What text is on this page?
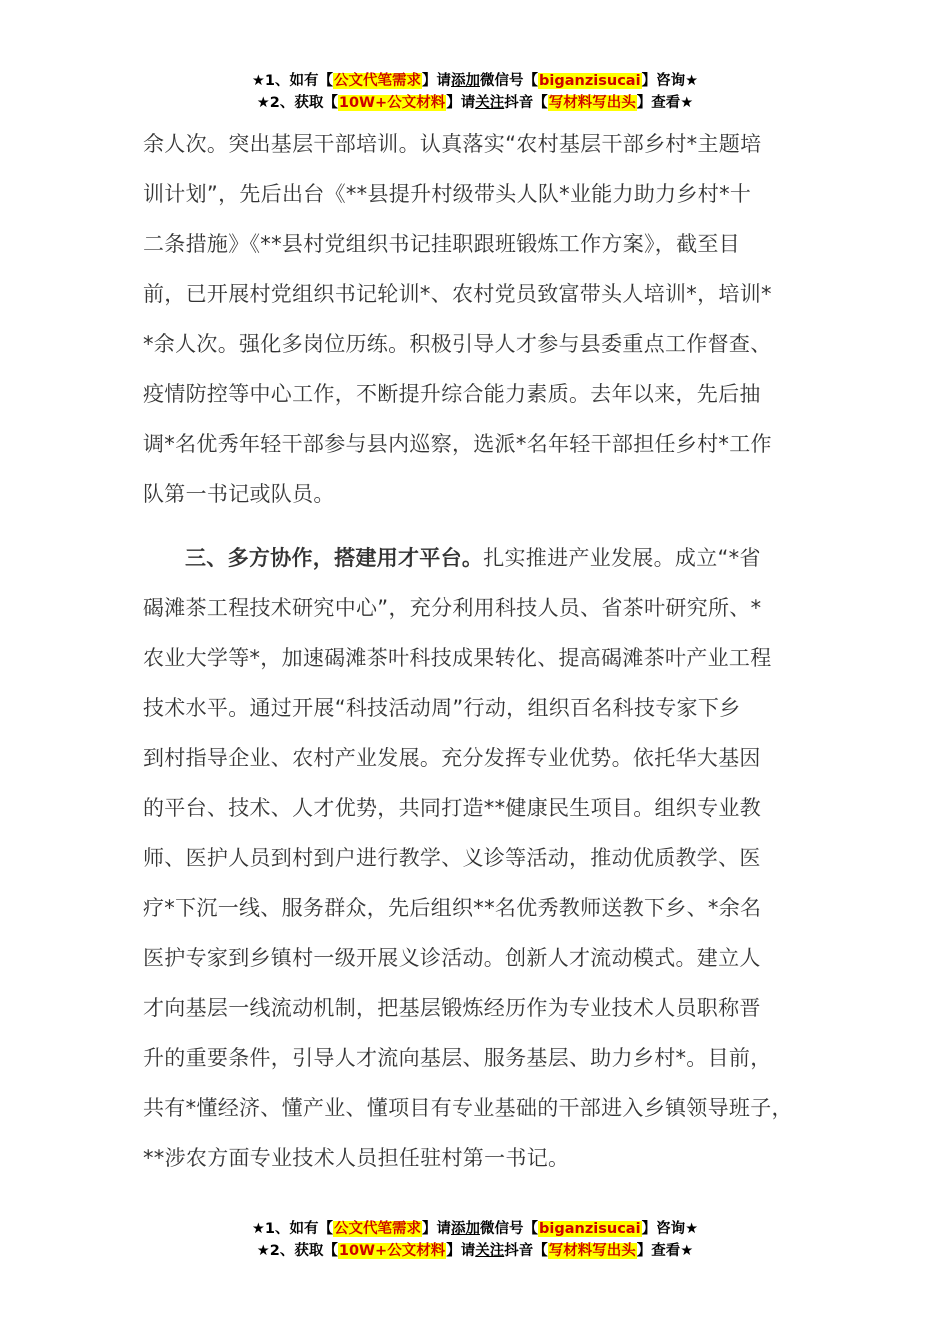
★1、如有【公文代笔需求】请添加微信号【biganzisucai】咨询★
★2、获取【10W+公文材料】请关注抖音【写材料写出头】查看★

余人次。突出基层干部培训。认真落实“农村基层干部乡村*主题培

训计划”，先后出台《**县提升村级带头人队*业能力助力乡村*十

二条措施》《**县村党组织书记挂职跟班锻炼工作方案》，截至目

前，已开展村党组织书记轮训*、农村党员致富带头人培训*，培训*

*余人次。强化多岗位历练。积极引导人才参与县委重点工作督查、

疫情防控等中心工作，不断提升综合能力素质。去年以来，先后抽

调*名优秀年轻干部参与县内巡察，选派*名年轻干部担任乡村*工作

队第一书记或队员。

三、多方协作，搭建用才平台。扎实推进产业发展。成立“*省

碣滩茶工程技术研究中心”，充分利用科技人员、省茶叶研究所、*

农业大学等*，加速碣滩茶叶科技成果转化、提高碣滩茶叶产业工程

技术水平。通过开展“科技活动周”行动，组织百名科技专家下乡

到村指导企业、农村产业发展。充分发挥专业优势。依托华大基因

的平台、技术、人才优势，共同打造**健康民生项目。组织专业教

师、医护人员到村到户进行教学、义诊等活动，推动优质教学、医

疗*下沉一线、服务群众，先后组织**名优秀教师送教下乡、*余名

医护专家到乡镇村一级开展义诊活动。创新人才流动模式。建立人

才向基层一线流动机制，把基层锻炼经历作为专业技术人员职称晋

升的重要条件，引导人才流向基层、服务基层、助力乡村*。目前，

共有*懂经济、懂产业、懂项目有专业基础的干部进入乡镇领导班子，

**涉农方面专业技术人员担任驻村第一书记。

★1、如有【公文代笔需求】请添加微信号【biganzisucai】咨询★
★2、获取【10W+公文材料】请关注抖音【写材料写出头】查看★
